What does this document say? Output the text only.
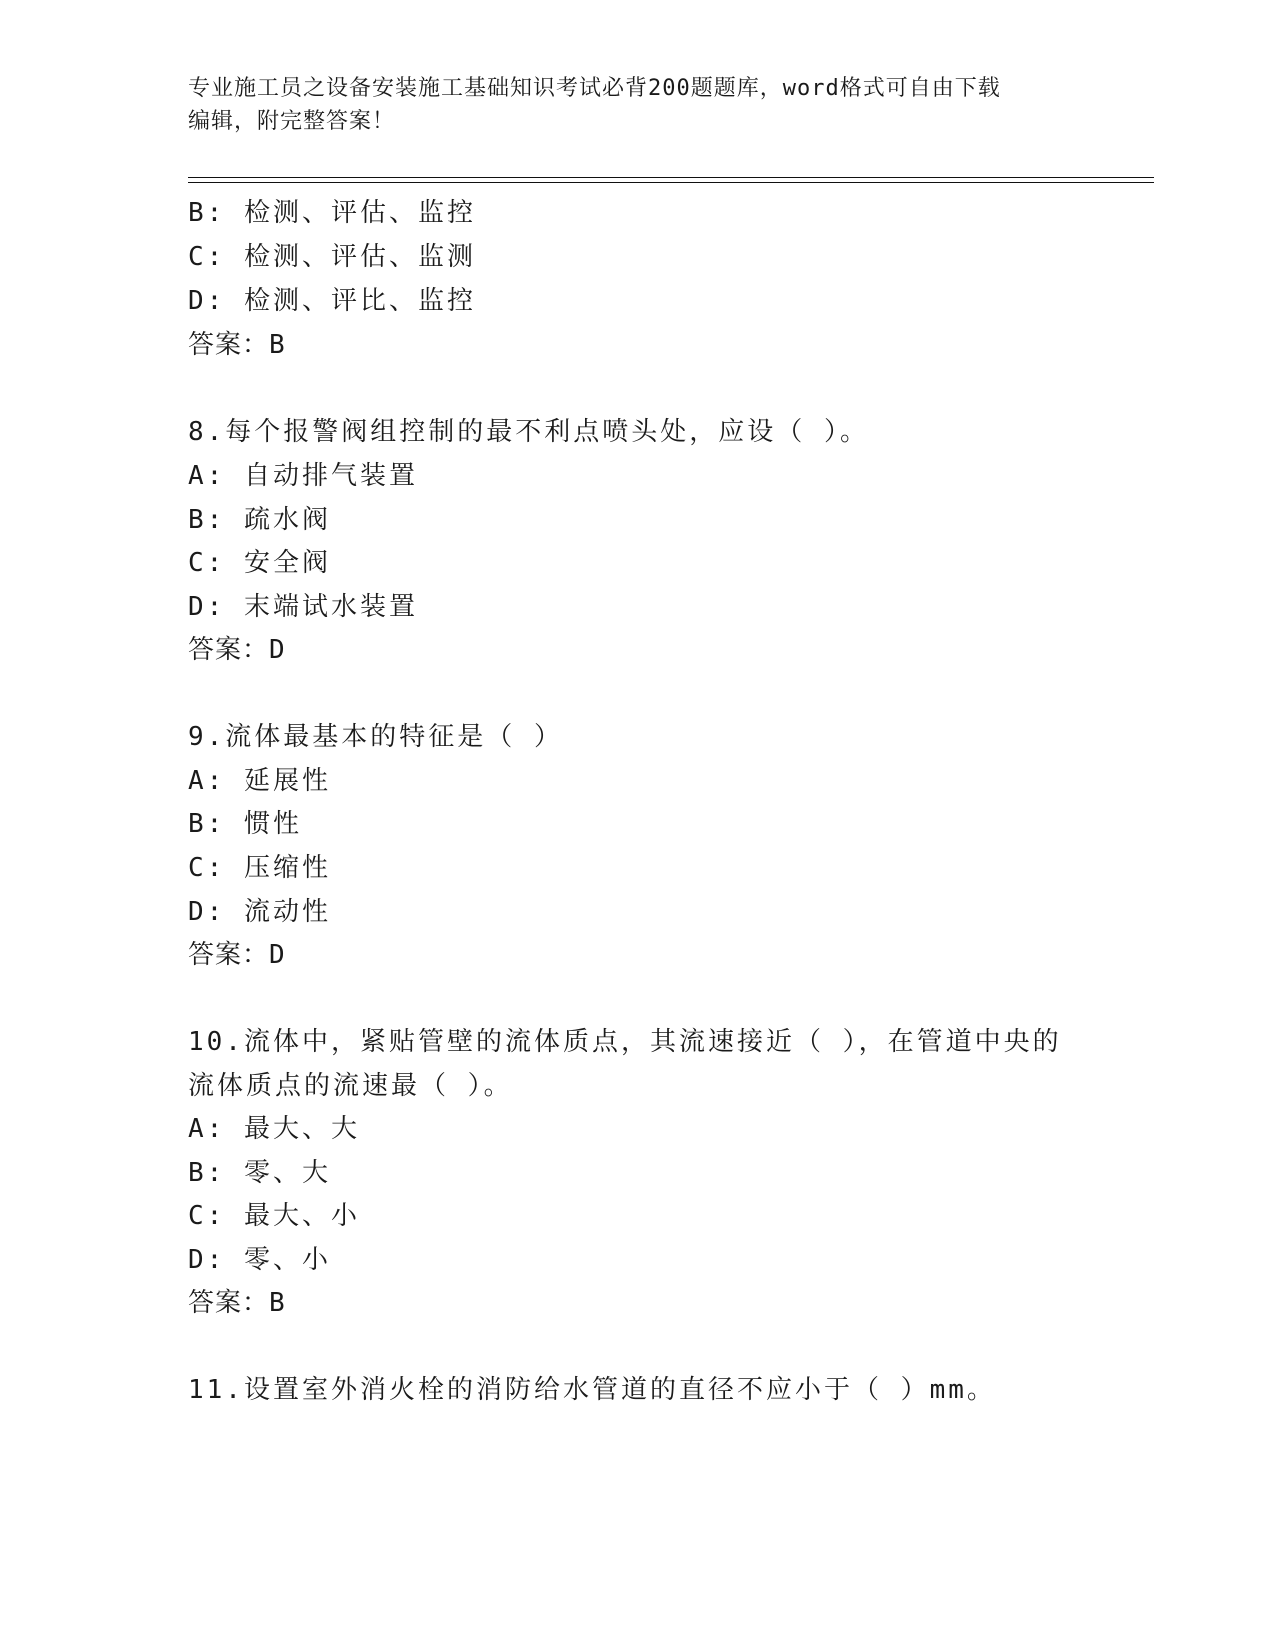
专业施工员之设备安装施工基础知识考试必背200题题库，word格式可自由下载
编辑，附完整答案！
B: 检测、评估、监控
C: 检测、评估、监测
D: 检测、评比、监控
答案：B
8.每个报警阀组控制的最不利点喷头处，应设（ ）。
A: 自动排气装置
B: 疏水阀
C: 安全阀
D: 末端试水装置
答案：D
9.流体最基本的特征是（ ）
A: 延展性
B: 惯性
C: 压缩性
D: 流动性
答案：D
10.流体中，紧贴管壁的流体质点，其流速接近（ ），在管道中央的
流体质点的流速最（ ）。
A: 最大、大
B: 零、大
C: 最大、小
D: 零、小
答案：B
11.设置室外消火栓的消防给水管道的直径不应小于（ ）mm。
